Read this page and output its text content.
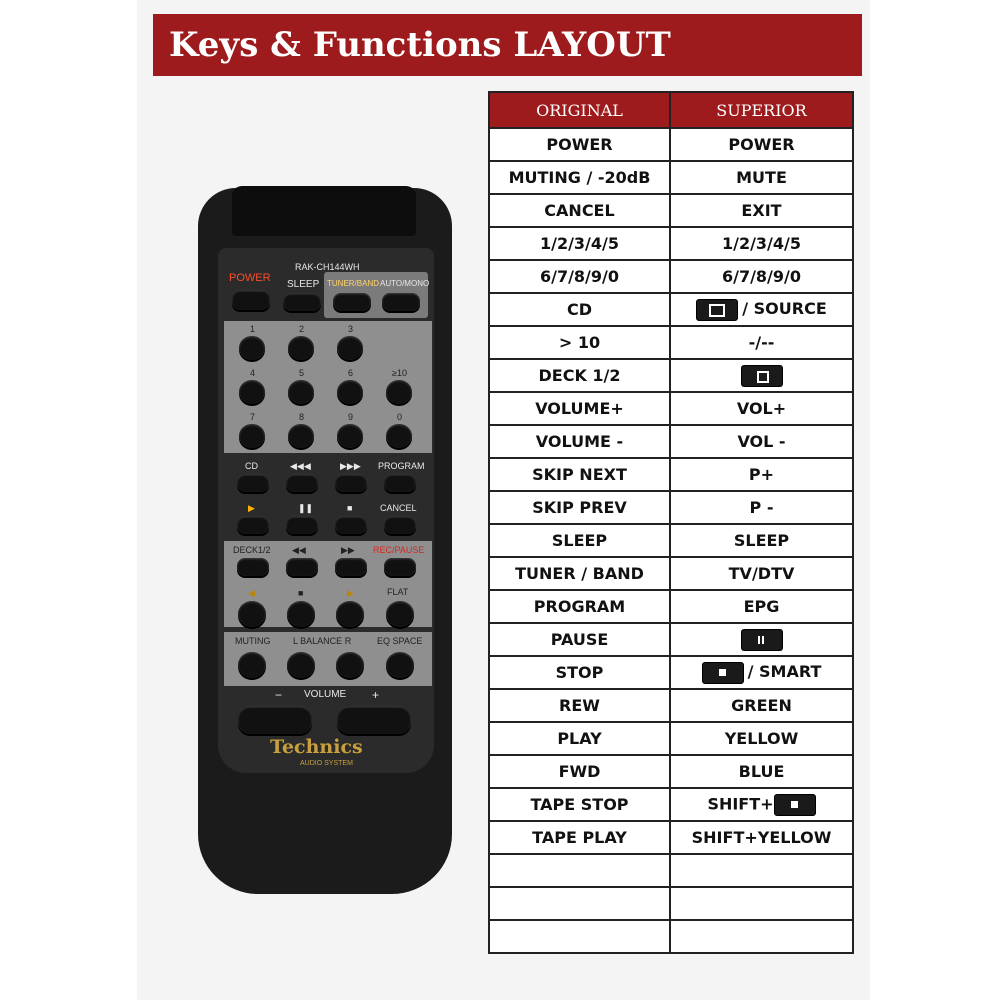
Keys & Functions LAYOUT
RAK-CH144WH
POWER
SLEEP TUNER/BAND AUTO/MONO
1	2	3
4	5	6	≥10
7	8	9	0
CD	◀◀◀	▶▶▶ PROGRAM
▶	❚❚	■	CANCEL
DECK1/2 ◀◀	▶▶ REC/PAUSE
◀	■	▶	FLAT
MUTING	L BALANCE R	EQ SPACE
− VOLUME +
Technics
AUDIO SYSTEM
ORIGINAL	SUPERIOR
POWER	POWER
MUTING / -20dB	MUTE
CANCEL	EXIT
1/2/3/4/5	1/2/3/4/5
6/7/8/9/0	6/7/8/9/0
CD	/ SOURCE
> 10	-/--
DECK 1/2	
VOLUME+	VOL+
VOLUME -	VOL -
SKIP NEXT	P+
SKIP PREV	P -
SLEEP	SLEEP
TUNER / BAND	TV/DTV
PROGRAM	EPG
PAUSE	
STOP	/ SMART
REW	GREEN
PLAY	YELLOW
FWD	BLUE
TAPE STOP	SHIFT+
TAPE PLAY	SHIFT+YELLOW
